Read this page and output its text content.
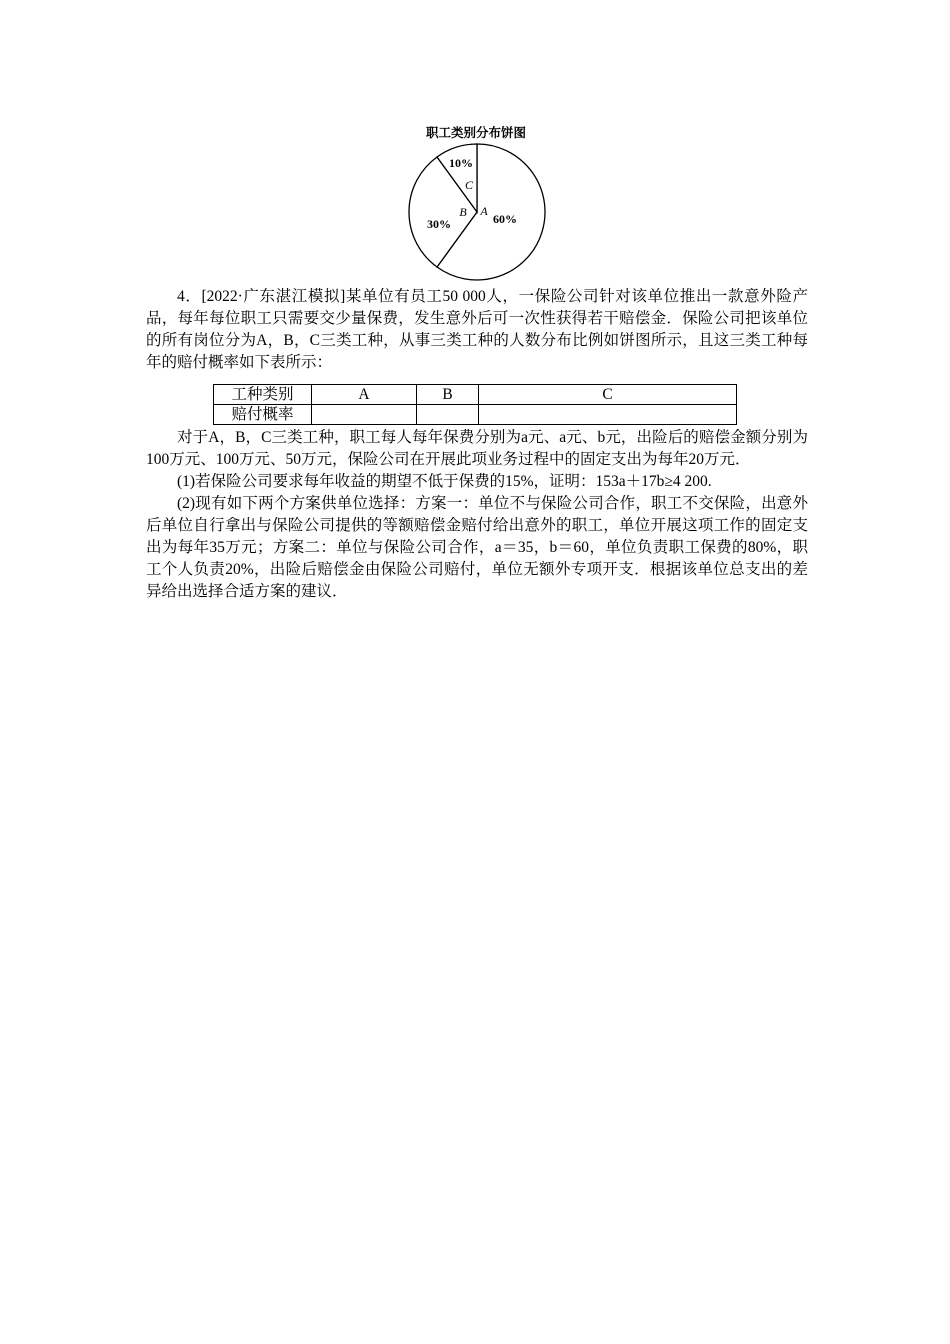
职工类别分布饼图
A
60%
B
30%
C
10%

4．[2022·广东湛江模拟]某单位有员工50 000人，一保险公司针对该单位推出一款意外险产品，每年每位职工只需要交少量保费，发生意外后可一次性获得若干赔偿金．保险公司把该单位的所有岗位分为A，B，C三类工种，从事三类工种的人数分布比例如饼图所示，且这三类工种每年的赔付概率如下表所示：

工种类别	A	B	C
赔付概率			

对于A，B，C三类工种，职工每人每年保费分别为a元、a元、b元，出险后的赔偿金额分别为100万元、100万元、50万元，保险公司在开展此项业务过程中的固定支出为每年20万元．

(1)若保险公司要求每年收益的期望不低于保费的15%，证明：153a＋17b≥4 200.

(2)现有如下两个方案供单位选择：方案一：单位不与保险公司合作，职工不交保险，出意外后单位自行拿出与保险公司提供的等额赔偿金赔付给出意外的职工，单位开展这项工作的固定支出为每年35万元；方案二：单位与保险公司合作，a＝35，b＝60，单位负责职工保费的80%，职工个人负责20%，出险后赔偿金由保险公司赔付，单位无额外专项开支．根据该单位总支出的差异给出选择合适方案的建议．
